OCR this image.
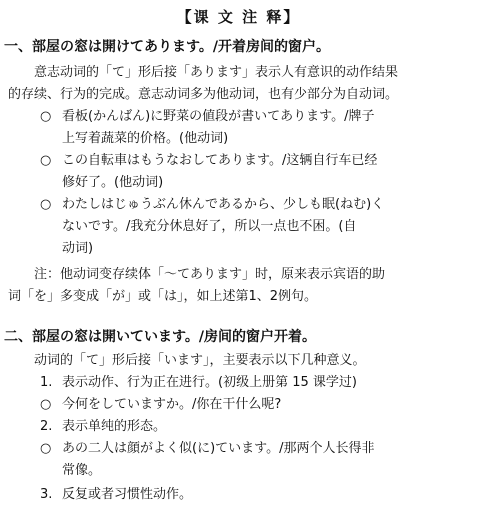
【课 文 注 释】
一、部屋の窓は開けてあります。/开着房间的窗户。
意志动词的「て」形后接「あります」表示人有意识的动作结果
的存续、行为的完成。意志动词多为他动词，也有少部分为自动词。
○ 看板(かんばん)に野菜の値段が書いてあります。/牌子
上写着蔬菜的价格。(他动词)
○ この自転車はもうなおしてあります。/这辆自行车已经
修好了。(他动词)
○ わたしはじゅうぶん休んであるから、少しも眠(ねむ)く
ないです。/我充分休息好了，所以一点也不困。(自
动词)
注：他动词变存续体「～てあります」时，原来表示宾语的助
词「を」多变成「が」或「は」，如上述第1、2例句。
二、部屋の窓は開いています。/房间的窗户开着。
动词的「て」形后接「います」，主要表示以下几种意义。
1. 表示动作、行为正在进行。(初级上册第 15 课学过)
○ 今何をしていますか。/你在干什么呢?
2. 表示单纯的形态。
○ あの二人は顔がよく似(に)ています。/那两个人长得非
常像。
3. 反复或者习惯性动作。
